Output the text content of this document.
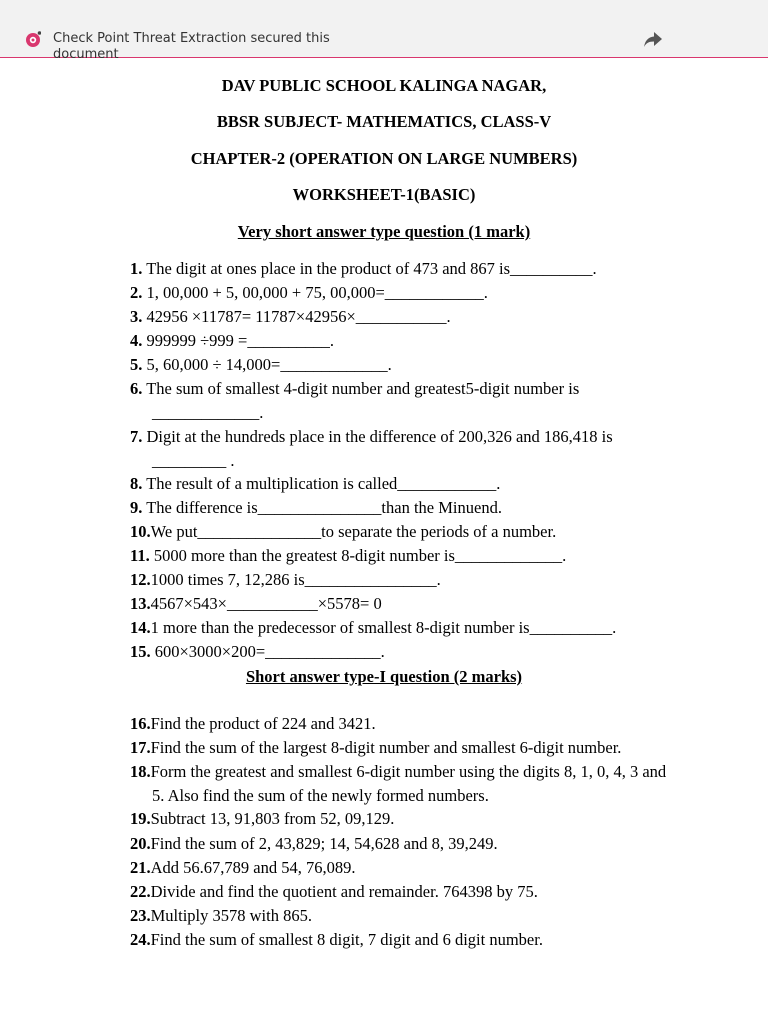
Check Point Threat Extraction secured this document
DAV PUBLIC SCHOOL KALINGA NAGAR,
BBSR SUBJECT- MATHEMATICS, CLASS-V
CHAPTER-2 (OPERATION ON LARGE NUMBERS)
WORKSHEET-1(BASIC)
Very short answer type question (1 mark)
1. The digit at ones place in the product of 473 and 867 is__________.
2. 1, 00,000 + 5, 00,000 + 75, 00,000=____________.
3. 42956 ×11787= 11787×42956×___________.
4. 999999 ÷999 =__________.
5. 5, 60,000 ÷ 14,000=_____________.
6. The sum of smallest 4-digit number and greatest5-digit number is
_____________.
7. Digit at the hundreds place in the difference of 200,326 and 186,418 is
_________ .
8. The result of a multiplication is called____________.
9. The difference is_______________than the Minuend.
10.We put_______________to separate the periods of a number.
11. 5000 more than the greatest 8-digit number is_____________.
12.1000 times 7, 12,286 is________________.
13.4567×543×___________×5578= 0
14.1 more than the predecessor of smallest 8-digit number is__________.
15. 600×3000×200=______________.
Short answer type-I question (2 marks)
16.Find the product of 224 and 3421.
17.Find the sum of the largest 8-digit number and smallest 6-digit number.
18.Form the greatest and smallest 6-digit number using the digits 8, 1, 0, 4, 3 and
5. Also find the sum of the newly formed numbers.
19.Subtract 13, 91,803 from 52, 09,129.
20.Find the sum of 2, 43,829; 14, 54,628 and 8, 39,249.
21.Add 56.67,789 and 54, 76,089.
22.Divide and find the quotient and remainder. 764398 by 75.
23.Multiply 3578 with 865.
24.Find the sum of smallest 8 digit, 7 digit and 6 digit number.
